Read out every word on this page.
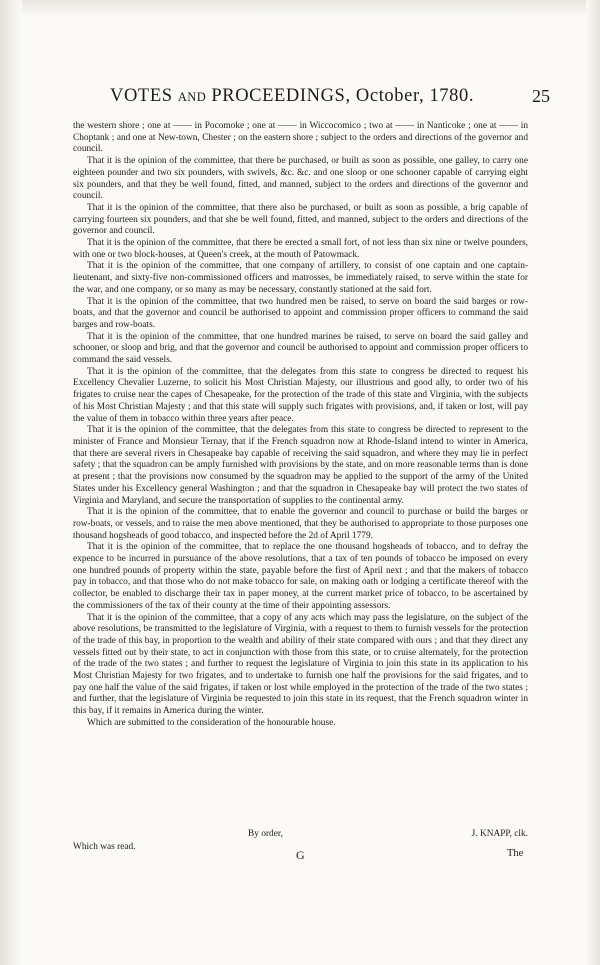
VOTES AND PROCEEDINGS, October, 1780.	25

the western shore ; one at —— in Pocomoke ; one at —— in Wiccocomico ; two at —— in Nanticoke ; one at —— in Choptank ; and one at New-town, Chester ; on the eastern shore ; subject to the orders and directions of the governor and council.

That it is the opinion of the committee, that there be purchased, or built as soon as possible, one galley, to carry one eighteen pounder and two six pounders, with swivels, &c. &c. and one sloop or one schooner capable of carrying eight six pounders, and that they be well found, fitted, and manned, subject to the orders and directions of the governor and council.

That it is the opinion of the committee, that there also be purchased, or built as soon as possible, a brig capable of carrying fourteen six pounders, and that she be well found, fitted, and manned, subject to the orders and directions of the governor and council.

That it is the opinion of the committee, that there be erected a small fort, of not less than six nine or twelve pounders, with one or two block-houses, at Queen's creek, at the mouth of Patowmack.

That it is the opinion of the committee, that one company of artillery, to consist of one captain and one captain-lieutenant, and sixty-five non-commissioned officers and matrosses, be immediately raised, to serve within the state for the war, and one company, or so many as may be necessary, constantly stationed at the said fort.

That it is the opinion of the committee, that two hundred men be raised, to serve on board the said barges or row-boats, and that the governor and council be authorised to appoint and commission proper officers to command the said barges and row-boats.

That it is the opinion of the committee, that one hundred marines be raised, to serve on board the said galley and schooner, or sloop and brig, and that the governor and council be authorised to appoint and commission proper officers to command the said vessels.

That it is the opinion of the committee, that the delegates from this state to congress be directed to request his Excellency Chevalier Luzerne, to solicit his Most Christian Majesty, our illustrious and good ally, to order two of his frigates to cruise near the capes of Chesapeake, for the protection of the trade of this state and Virginia, with the subjects of his Most Christian Majesty ; and that this state will supply such frigates with provisions, and, if taken or lost, will pay the value of them in tobacco within three years after peace.

That it is the opinion of the committee, that the delegates from this state to congress be directed to represent to the minister of France and Monsieur Ternay, that if the French squadron now at Rhode-Island intend to winter in America, that there are several rivers in Chesapeake bay capable of receiving the said squadron, and where they may lie in perfect safety ; that the squadron can be amply furnished with provisions by the state, and on more reasonable terms than is done at present ; that the provisions now consumed by the squadron may be applied to the support of the army of the United States under his Excellency general Washington ; and that the squadron in Chesapeake bay will protect the two states of Virginia and Maryland, and secure the transportation of supplies to the continental army.

That it is the opinion of the committee, that to enable the governor and council to purchase or build the barges or row-boats, or vessels, and to raise the men above mentioned, that they be authorised to appropriate to those purposes one thousand hogsheads of good tobacco, and inspected before the 2d of April 1779.

That it is the opinion of the committee, that to replace the one thousand hogsheads of tobacco, and to defray the expence to be incurred in pursuance of the above resolutions, that a tax of ten pounds of tobacco be imposed on every one hundred pounds of property within the state, payable before the first of April next ; and that the makers of tobacco pay in tobacco, and that those who do not make tobacco for sale, on making oath or lodging a certificate thereof with the collector, be enabled to discharge their tax in paper money, at the current market price of tobacco, to be ascertained by the commissioners of the tax of their county at the time of their appointing assessors.

That it is the opinion of the committee, that a copy of any acts which may pass the legislature, on the subject of the above resolutions, be transmitted to the legislature of Virginia, with a request to them to furnish vessels for the protection of the trade of this bay, in proportion to the wealth and ability of their state compared with ours ; and that they direct any vessels fitted out by their state, to act in conjunction with those from this state, or to cruise alternately, for the protection of the trade of the two states ; and further to request the legislature of Virginia to join this state in its application to his Most Christian Majesty for two frigates, and to undertake to furnish one half the provisions for the said frigates, and to pay one half the value of the said frigates, if taken or lost while employed in the protection of the trade of the two states ; and further, that the legislature of Virginia be requested to join this state in its request, that the French squadron winter in this bay, if it remains in America during the winter.

Which are submitted to the consideration of the honourable house.

By order,	J. KNAPP, clk.
Which was read.
G	The
